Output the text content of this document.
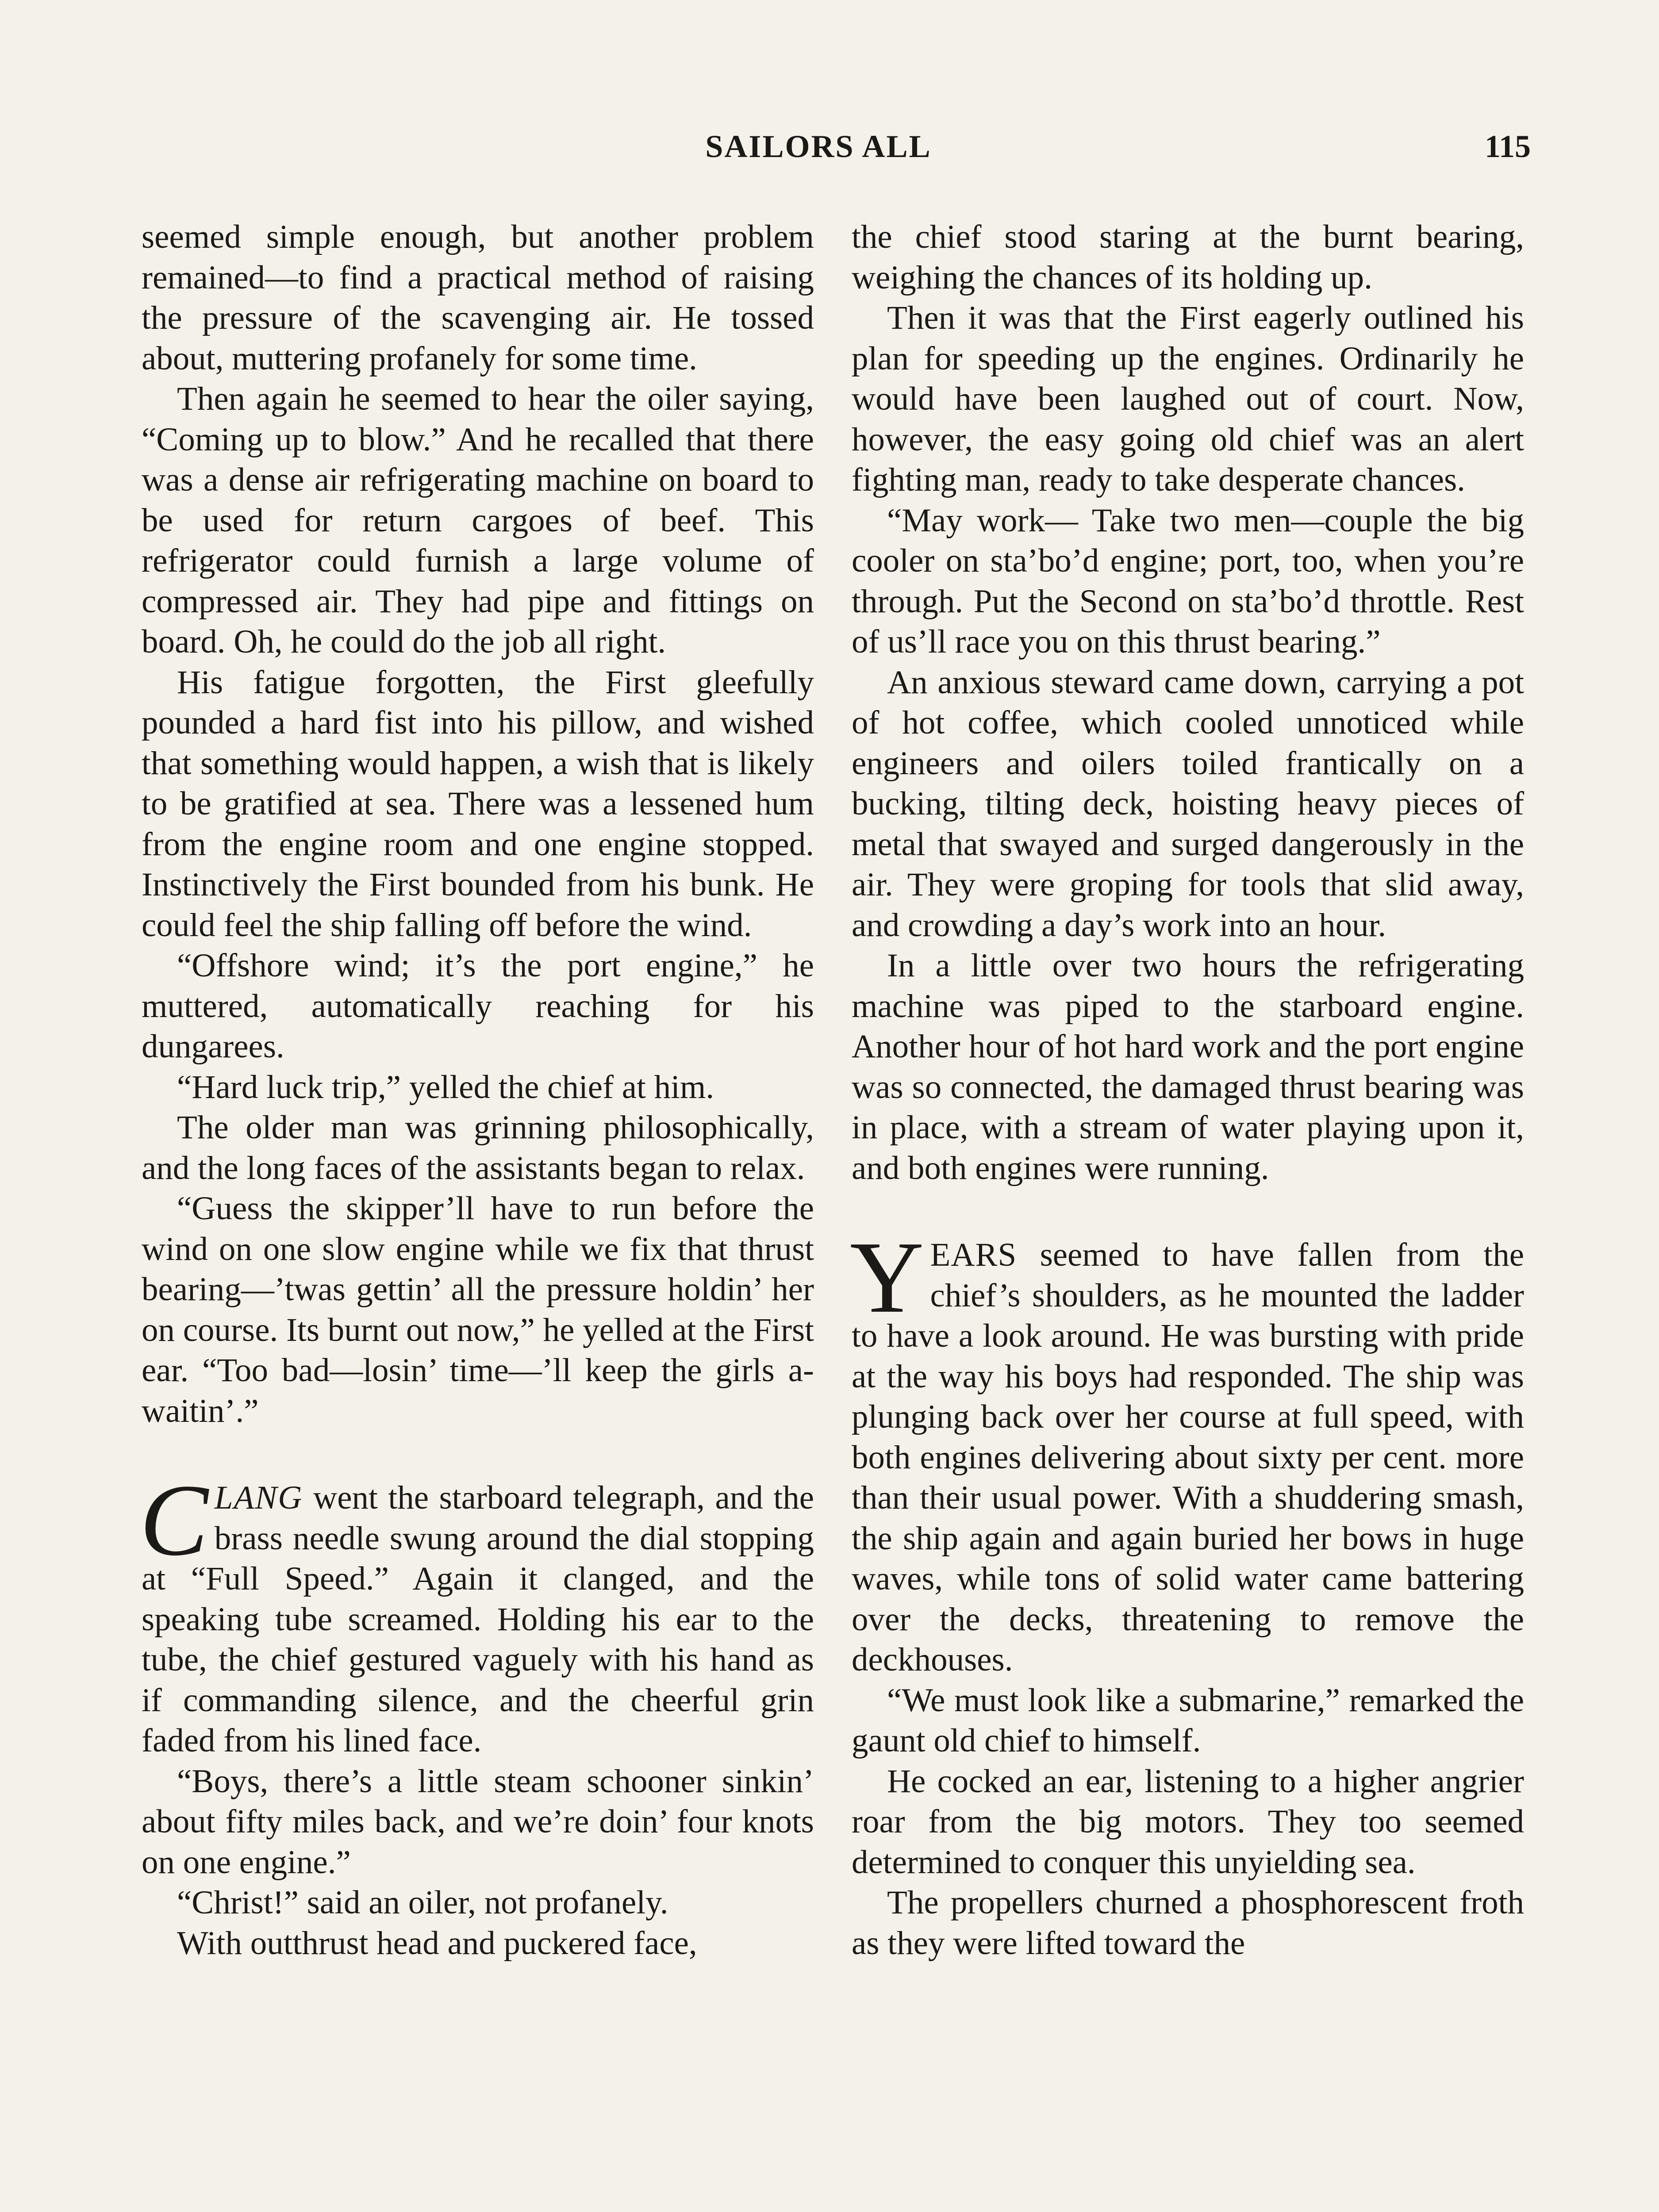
SAILORS ALL	115

seemed simple enough, but another problem remained—to find a practical method of raising the pressure of the scavenging air. He tossed about, muttering profanely for some time.

Then again he seemed to hear the oiler saying, “Coming up to blow.” And he recalled that there was a dense air refrigerating machine on board to be used for return cargoes of beef. This refrigerator could furnish a large volume of compressed air. They had pipe and fittings on board. Oh, he could do the job all right.

His fatigue forgotten, the First gleefully pounded a hard fist into his pillow, and wished that something would happen, a wish that is likely to be gratified at sea. There was a lessened hum from the engine room and one engine stopped. Instinctively the First bounded from his bunk. He could feel the ship falling off before the wind.

“Offshore wind; it’s the port engine,” he muttered, automatically reaching for his dungarees.

“Hard luck trip,” yelled the chief at him.

The older man was grinning philosophically, and the long faces of the assistants began to relax.

“Guess the skipper’ll have to run before the wind on one slow engine while we fix that thrust bearing—’twas gettin’ all the pressure holdin’ her on course. Its burnt out now,” he yelled at the First ear. “Too bad—losin’ time—’ll keep the girls a-waitin’.”

CLANG went the starboard telegraph, and the brass needle swung around the dial stopping at “Full Speed.” Again it clanged, and the speaking tube screamed. Holding his ear to the tube, the chief gestured vaguely with his hand as if commanding silence, and the cheerful grin faded from his lined face.

“Boys, there’s a little steam schooner sinkin’ about fifty miles back, and we’re doin’ four knots on one engine.”

“Christ!” said an oiler, not profanely.

With outthrust head and puckered face,

the chief stood staring at the burnt bearing, weighing the chances of its holding up.

Then it was that the First eagerly outlined his plan for speeding up the engines. Ordinarily he would have been laughed out of court. Now, however, the easy going old chief was an alert fighting man, ready to take desperate chances.

“May work— Take two men—couple the big cooler on sta’bo’d engine; port, too, when you’re through. Put the Second on sta’bo’d throttle. Rest of us’ll race you on this thrust bearing.”

An anxious steward came down, carrying a pot of hot coffee, which cooled unnoticed while engineers and oilers toiled frantically on a bucking, tilting deck, hoisting heavy pieces of metal that swayed and surged dangerously in the air. They were groping for tools that slid away, and crowding a day’s work into an hour.

In a little over two hours the refrigerating machine was piped to the starboard engine. Another hour of hot hard work and the port engine was so connected, the damaged thrust bearing was in place, with a stream of water playing upon it, and both engines were running.

YEARS seemed to have fallen from the chief’s shoulders, as he mounted the ladder to have a look around. He was bursting with pride at the way his boys had responded. The ship was plunging back over her course at full speed, with both engines delivering about sixty per cent. more than their usual power. With a shuddering smash, the ship again and again buried her bows in huge waves, while tons of solid water came battering over the decks, threatening to remove the deckhouses.

“We must look like a submarine,” remarked the gaunt old chief to himself.

He cocked an ear, listening to a higher angrier roar from the big motors. They too seemed determined to conquer this unyielding sea.

The propellers churned a phosphorescent froth as they were lifted toward the
